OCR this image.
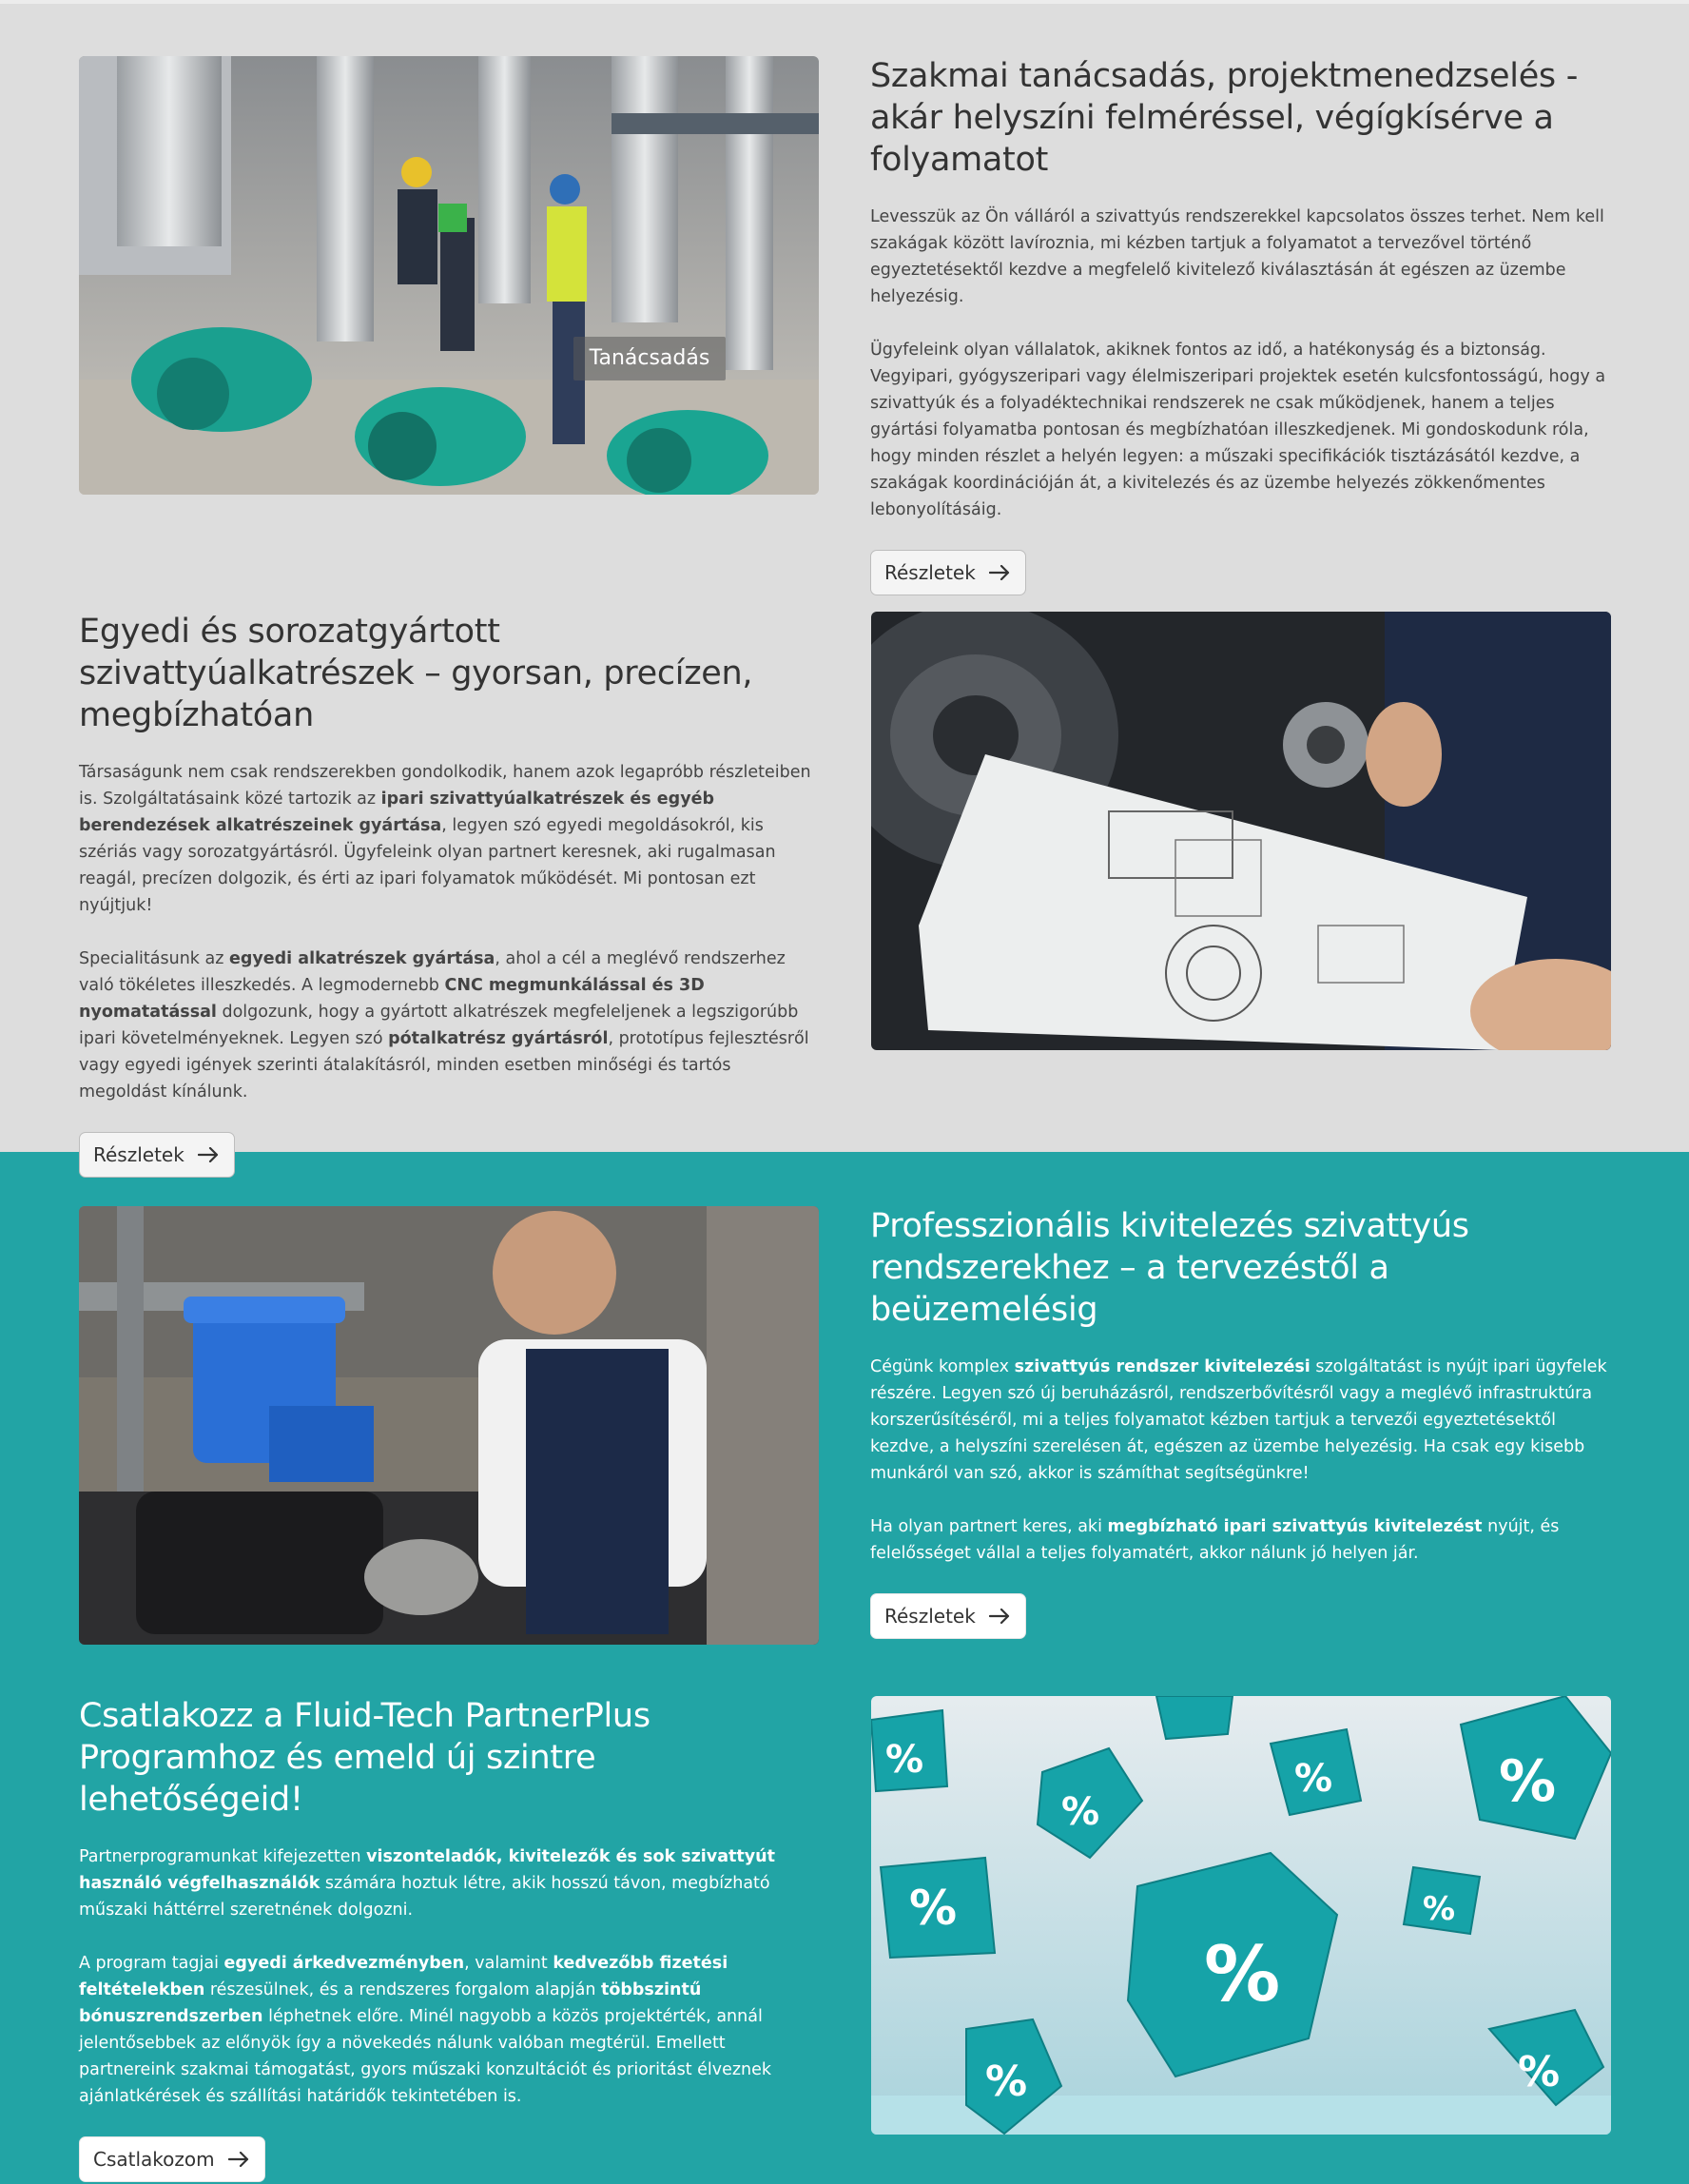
Tanácsadás
Szakmai tanácsadás, projektmenedzselés - akár helyszíni felméréssel, végígkísérve a folyamatot
Levesszük az Ön válláról a szivattyús rendszerekkel kapcsolatos összes terhet. Nem kell szakágak között lavíroznia, mi kézben tartjuk a folyamatot a tervezővel történő egyeztetésektől kezdve a megfelelő kivitelező kiválasztásán át egészen az üzembe helyezésig.
Ügyfeleink olyan vállalatok, akiknek fontos az idő, a hatékonyság és a biztonság. Vegyipari, gyógyszeripari vagy élelmiszeripari projektek esetén kulcsfontosságú, hogy a szivattyúk és a folyadéktechnikai rendszerek ne csak működjenek, hanem a teljes gyártási folyamatba pontosan és megbízhatóan illeszkedjenek. Mi gondoskodunk róla, hogy minden részlet a helyén legyen: a műszaki specifikációk tisztázásától kezdve, a szakágak koordinációján át, a kivitelezés és az üzembe helyezés zökkenőmentes lebonyolításáig.
Részletek
Egyedi és sorozatgyártott szivattyúalkatrészek – gyorsan, precízen, megbízhatóan
Társaságunk nem csak rendszerekben gondolkodik, hanem azok legapróbb részleteiben is. Szolgáltatásaink közé tartozik az ipari szivattyúalkatrészek és egyéb berendezések alkatrészeinek gyártása, legyen szó egyedi megoldásokról, kis szériás vagy sorozatgyártásról. Ügyfeleink olyan partnert keresnek, aki rugalmasan reagál, precízen dolgozik, és érti az ipari folyamatok működését. Mi pontosan ezt nyújtjuk!
Specialitásunk az egyedi alkatrészek gyártása, ahol a cél a meglévő rendszerhez való tökéletes illeszkedés. A legmodernebb CNC megmunkálással és 3D nyomatatással dolgozunk, hogy a gyártott alkatrészek megfeleljenek a legszigorúbb ipari követelményeknek. Legyen szó pótalkatrész gyártásról, prototípus fejlesztésről vagy egyedi igények szerinti átalakításról, minden esetben minőségi és tartós megoldást kínálunk.
Részletek
Professzionális kivitelezés szivattyús rendszerekhez – a tervezéstől a beüzemelésig
Cégünk komplex szivattyús rendszer kivitelezési szolgáltatást is nyújt ipari ügyfelek részére. Legyen szó új beruházásról, rendszerbővítésről vagy a meglévő infrastruktúra korszerűsítéséről, mi a teljes folyamatot kézben tartjuk a tervezői egyeztetésektől kezdve, a helyszíni szerelésen át, egészen az üzembe helyezésig. Ha csak egy kisebb munkáról van szó, akkor is számíthat segítségünkre!
Ha olyan partnert keres, aki megbízható ipari szivattyús kivitelezést nyújt, és felelősséget vállal a teljes folyamatért, akkor nálunk jó helyen jár.
Részletek
Csatlakozz a Fluid-Tech PartnerPlus Programhoz és emeld új szintre lehetőségeid!
Partnerprogramunkat kifejezetten viszonteladók, kivitelezők és sok szivattyút használó végfelhasználók számára hoztuk létre, akik hosszú távon, megbízható műszaki háttérrel szeretnének dolgozni.
A program tagjai egyedi árkedvezményben, valamint kedvezőbb fizetési feltételekben részesülnek, és a rendszeres forgalom alapján többszintű bónuszrendszerben léphetnek előre. Minél nagyobb a közös projektérték, annál jelentősebbek az előnyök így a növekedés nálunk valóban megtérül. Emellett partnereink szakmai támogatást, gyors műszaki konzultációt és prioritást élveznek ajánlatkérések és szállítási határidők tekintetében is.
Csatlakozom
%
%
%
%
%	%
%
%	%
